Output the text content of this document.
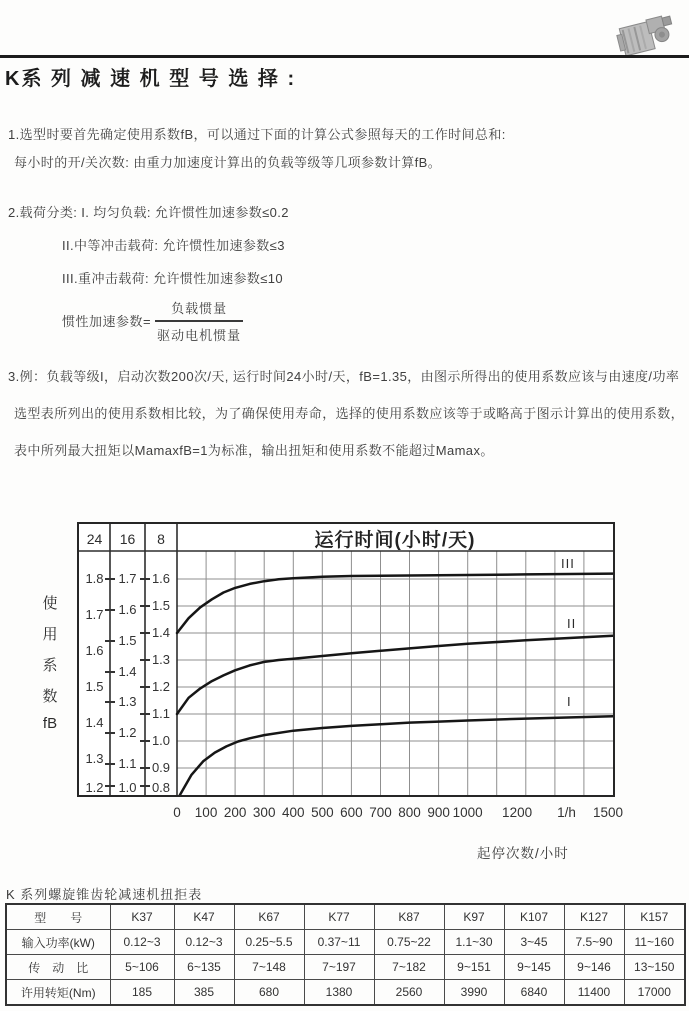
K系 列 减 速 机 型 号 选 择 :
1.选型时要首先确定使用系数fB，可以通过下面的计算公式参照每天的工作时间总和:
每小时的开/关次数: 由重力加速度计算出的负载等级等几项参数计算fB。
2.载荷分类: I. 均匀负载: 允许惯性加速参数≤0.2
II.中等冲击载荷: 允许惯性加速参数≤3
III.重冲击载荷: 允许惯性加速参数≤10
惯性加速参数= $\frac{\text{负载惯量}}{\text{驱动电机惯量}}$
3.例：负载等级I，启动次数200次/天, 运行时间24小时/天，fB=1.35，由图示所得出的使用系数应该与由速度/功率
选型表所列出的使用系数相比较，为了确保使用寿命，选择的使用系数应该等于或略高于图示计算出的使用系数，
表中所列最大扭矩以MamaxfB=1为标准，输出扭矩和使用系数不能超过Mamax。
使
用
系
数
fB
运行时间(小时/天)
24	16	8
III
II
I
1.8
1.7
1.6
1.5
1.4
1.3
1.2
1.7
1.6
1.5
1.4
1.3
1.2
1.1
1.0
1.6
1.5
1.4
1.3
1.2
1.1
1.0
0.9
0.8
0 100 200 300 400 500 600 700 800 900 1000 1200	1500
1/h
起停次数/小时
K 系列螺旋锥齿轮减速机扭拒表
型　　号	K37	K47	K67	K77	K87	K97	K107	K127	K157
输入功率(kW)	0.12~3	0.12~3	0.25~5.5	0.37~11	0.75~22	1.1~30	3~45	7.5~90	11~160
传　动　比	5~106	6~135	7~148	7~197	7~182	9~151	9~145	9~146	13~150
许用转矩(Nm)	185	385	680	1380	2560	3990	6840	11400	17000
